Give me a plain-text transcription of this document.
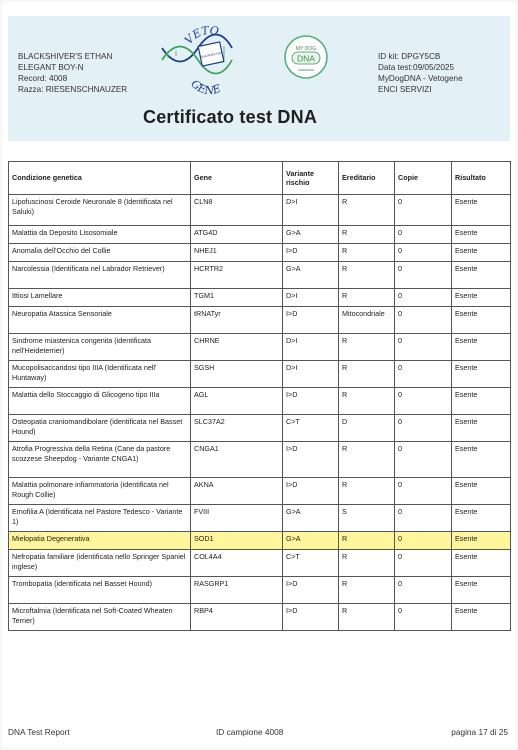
BLACKSHIVER'S ETHAN
ELEGANT BOY-N
Record: 4008
Razza: RIESENSCHNAUZER
VETO
GENE
DNA ANALYSIS
MY DOG
DNA	ID kit: DPGY5CB
Data test:09/05/2025
MyDogDNA - Vetogene
ENCI SERVIZI
Certificato test DNA
Condizione genetica	Gene	Variante rischio	Ereditario	Copie	Risultato
Lipofuscinosi Ceroide Neuronale 8 (Identificata nel Saluki)	CLN8	D>I	R	0	Esente
Malattia da Deposito Lisosomiale	ATG4D	G>A	R	0	Esente
Anomalia dell'Occhio del Collie	NHEJ1	I>D	R	0	Esente
Narcolessia (Identificata nel Labrador Retriever)	HCRTR2	G>A	R	0	Esente
Ittiosi Lamellare	TGM1	D>I	R	0	Esente
Neuropatia Atassica Sensoriale	tRNATyr	I>D	Mitocondriale	0	Esente
Sindrome miastenica congenita (identificata nell'Heideterrier)	CHRNE	D>I	R	0	Esente
Mucopolisaccaridosi tipo IIIA (Identificata nell' Huntaway)	SGSH	D>I	R	0	Esente
Malattia dello Stoccaggio di Glicogeno tipo IIIa	AGL	I>D	R	0	Esente
Osteopatia craniomandibolare (identificata nel Basset Hound)	SLC37A2	C>T	D	0	Esente
Atrofia Progressiva della Retina (Cane da pastore scozzese Sheepdog - Variante CNGA1)	CNGA1	I>D	R	0	Esente
Malattia polmonare infiammatoria (identificata nel Rough Collie)	AKNA	I>D	R	0	Esente
Emofilia A (Identificata nel Pastore Tedesco - Variante 1)	FVIII	G>A	S	0	Esente
Mielopatia Degenerativa	SOD1	G>A	R	0	Esente
Nefropatia familiare (identificata nello Springer Spaniel inglese)	COL4A4	C>T	R	0	Esente
Trombopatia (identificata nel Basset Hound)	RASGRP1	I>D	R	0	Esente
Microftalmia (Identificata nel Soft-Coated Wheaten Terrier)	RBP4	I>D	R	0	Esente
DNA Test Report	ID campione 4008	pagina 17 di 25
